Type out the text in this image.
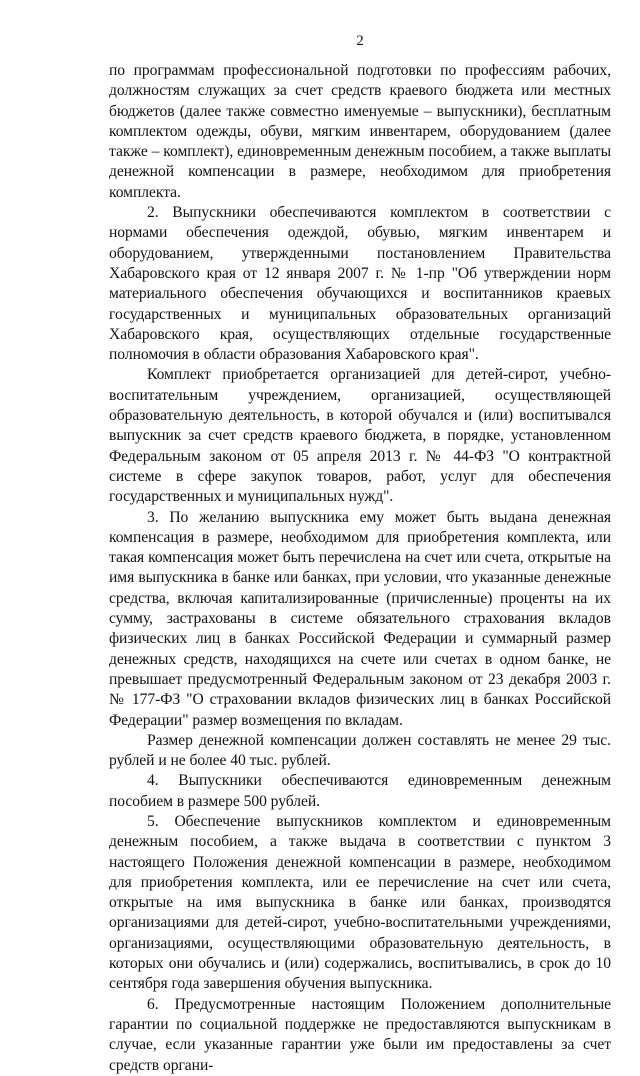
2

по программам профессиональной подготовки по профессиям рабочих, должностям служащих за счет средств краевого бюджета или местных бюджетов (далее также совместно именуемые – выпускники), бесплатным комплектом одежды, обуви, мягким инвентарем, оборудованием (далее также – комплект), единовременным денежным пособием, а также выплаты денежной компенсации в размере, необходимом для приобретения комплекта.

2. Выпускники обеспечиваются комплектом в соответствии с нормами обеспечения одеждой, обувью, мягким инвентарем и оборудованием, утвержденными постановлением Правительства Хабаровского края от 12 января 2007 г. № 1-пр "Об утверждении норм материального обеспечения обучающихся и воспитанников краевых государственных и муниципальных образовательных организаций Хабаровского края, осуществляющих отдельные государственные полномочия в области образования Хабаровского края".

Комплект приобретается организацией для детей-сирот, учебно-воспитательным учреждением, организацией, осуществляющей образовательную деятельность, в которой обучался и (или) воспитывался выпускник за счет средств краевого бюджета, в порядке, установленном Федеральным законом от 05 апреля 2013 г. № 44-ФЗ "О контрактной системе в сфере закупок товаров, работ, услуг для обеспечения государственных и муниципальных нужд".

3. По желанию выпускника ему может быть выдана денежная компенсация в размере, необходимом для приобретения комплекта, или такая компенсация может быть перечислена на счет или счета, открытые на имя выпускника в банке или банках, при условии, что указанные денежные средства, включая капитализированные (причисленные) проценты на их сумму, застрахованы в системе обязательного страхования вкладов физических лиц в банках Российской Федерации и суммарный размер денежных средств, находящихся на счете или счетах в одном банке, не превышает предусмотренный Федеральным законом от 23 декабря 2003 г. № 177-ФЗ "О страховании вкладов физических лиц в банках Российской Федерации" размер возмещения по вкладам.

Размер денежной компенсации должен составлять не менее 29 тыс. рублей и не более 40 тыс. рублей.

4. Выпускники обеспечиваются единовременным денежным пособием в размере 500 рублей.

5. Обеспечение выпускников комплектом и единовременным денежным пособием, а также выдача в соответствии с пунктом 3 настоящего Положения денежной компенсации в размере, необходимом для приобретения комплекта, или ее перечисление на счет или счета, открытые на имя выпускника в банке или банках, производятся организациями для детей-сирот, учебно-воспитательными учреждениями, организациями, осуществляющими образовательную деятельность, в которых они обучались и (или) содержались, воспитывались, в срок до 10 сентября года завершения обучения выпускника.

6. Предусмотренные настоящим Положением дополнительные гарантии по социальной поддержке не предоставляются выпускникам в случае, если указанные гарантии уже были им предоставлены за счет средств органи-
